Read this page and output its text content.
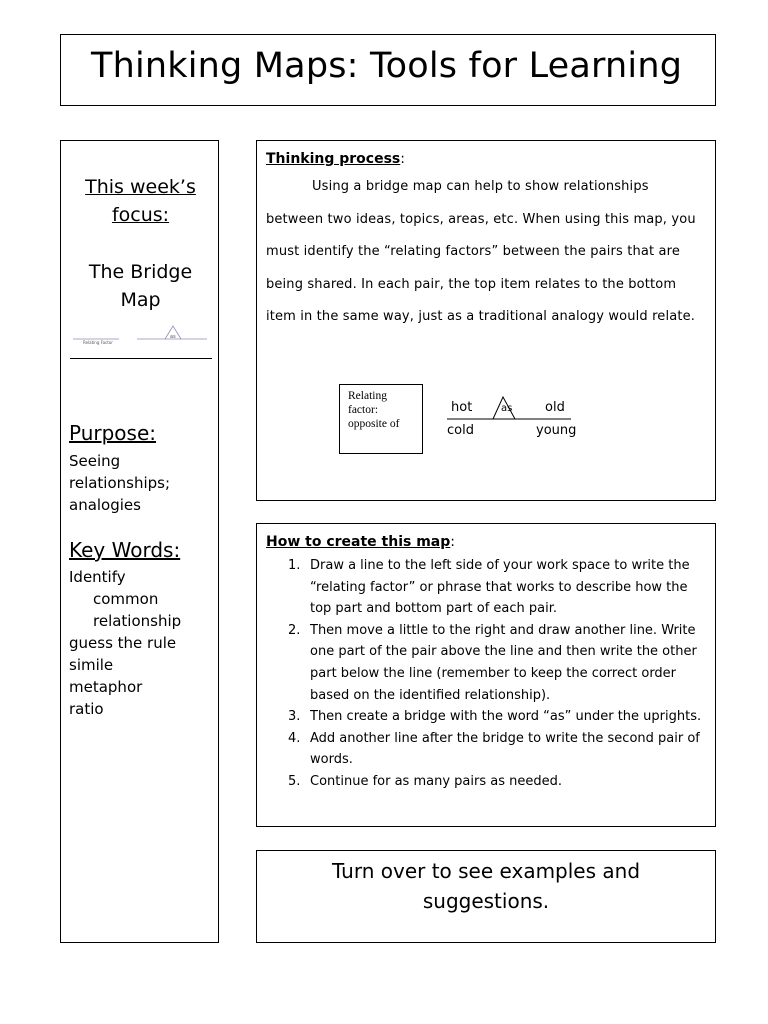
Thinking Maps: Tools for Learning
This week’s
focus:
The Bridge
Map
Relating Factor
as
Purpose:
Seeing
relationships;
analogies
Key Words:
Identify
common
relationship
guess the rule
simile
metaphor
ratio
Thinking process:

Using a bridge map can help to show relationships between two ideas, topics, areas, etc. When using this map, you must identify the “relating factors” between the pairs that are being shared. In each pair, the top item relates to the bottom item in the same way, just as a traditional analogy would relate.

Relating
factor:
opposite of
hot	as	old
cold	young
How to create this map:
1. Draw a line to the left side of your work space to write the “relating factor” or phrase that works to describe how the top part and bottom part of each pair.
2. Then move a little to the right and draw another line. Write one part of the pair above the line and then write the other part below the line (remember to keep the correct order based on the identified relationship).
3. Then create a bridge with the word “as” under the uprights.
4. Add another line after the bridge to write the second pair of words.
5. Continue for as many pairs as needed.
Turn over to see examples and
suggestions.
